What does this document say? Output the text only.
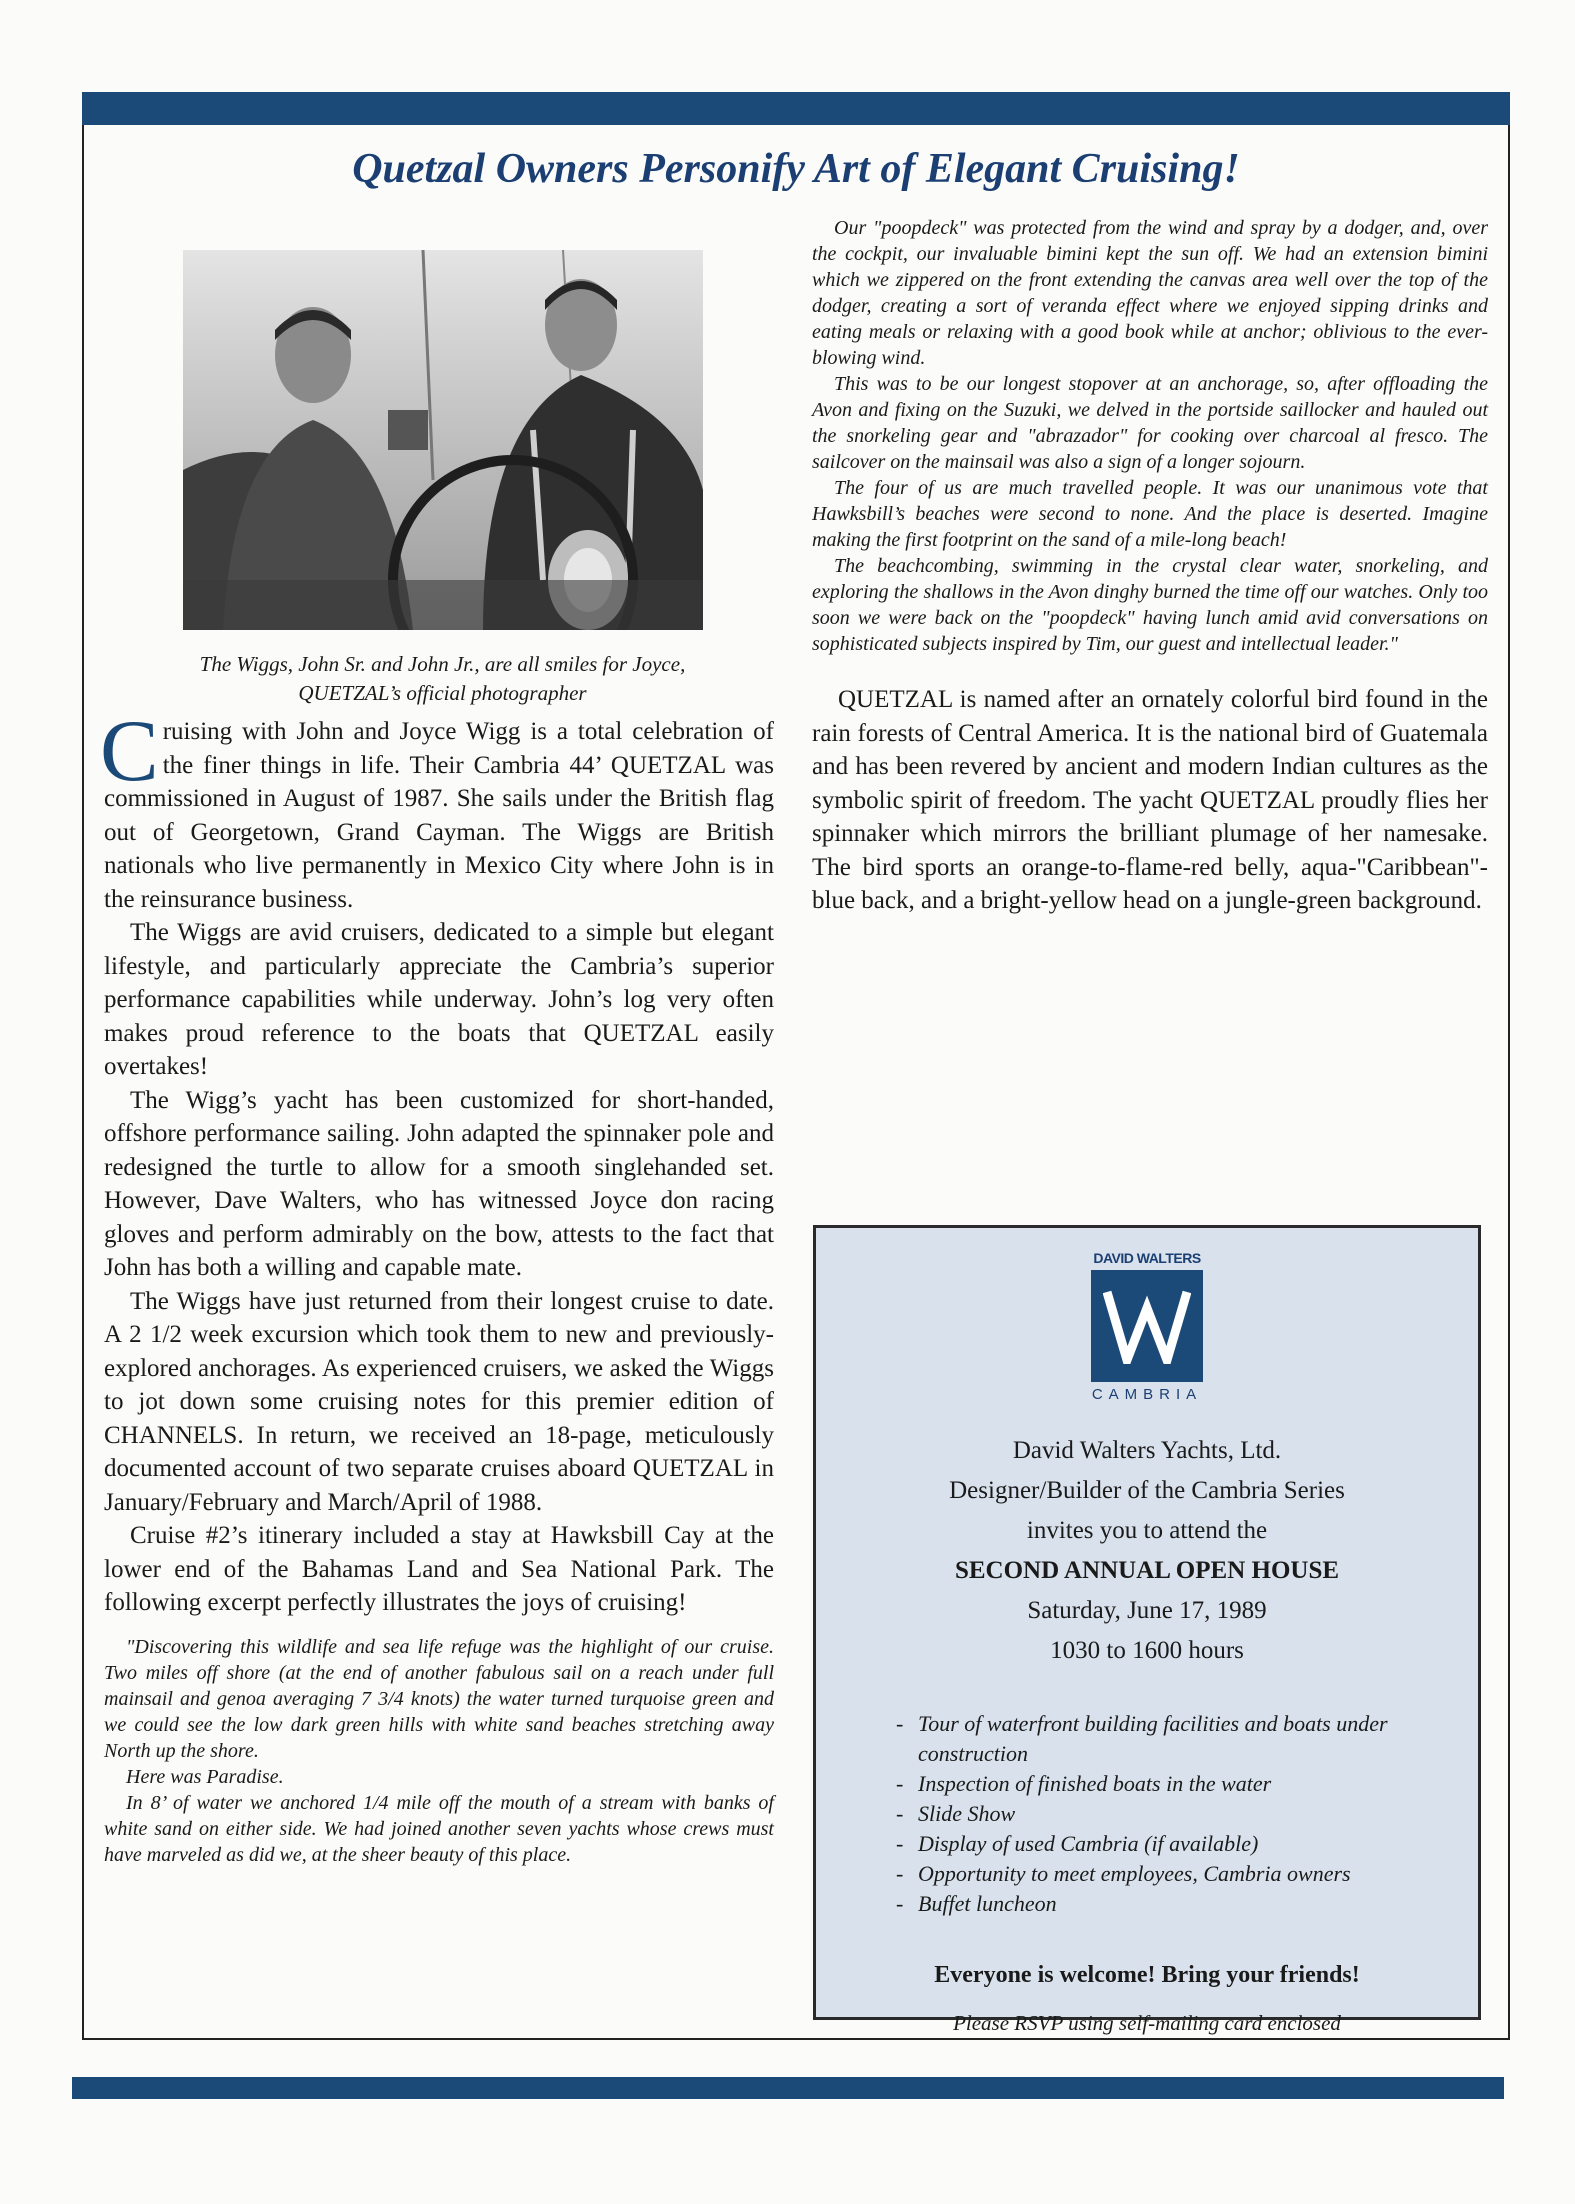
Quetzal Owners Personify Art of Elegant Cruising!

The Wiggs, John Sr. and John Jr., are all smiles for Joyce,
QUETZAL’s official photographer

Cruising with John and Joyce Wigg is a total celebration of the finer things in life. Their Cambria 44’ QUETZAL was commissioned in August of 1987. She sails under the British flag out of Georgetown, Grand Cayman. The Wiggs are British nationals who live permanently in Mexico City where John is in the reinsurance business.

The Wiggs are avid cruisers, dedicated to a simple but elegant lifestyle, and particularly appreciate the Cambria’s superior performance capabilities while underway. John’s log very often makes proud reference to the boats that QUETZAL easily overtakes!

The Wigg’s yacht has been customized for short-handed, offshore performance sailing. John adapted the spinnaker pole and redesigned the turtle to allow for a smooth singlehanded set. However, Dave Walters, who has witnessed Joyce don racing gloves and perform admirably on the bow, attests to the fact that John has both a willing and capable mate.

The Wiggs have just returned from their longest cruise to date. A 2 1/2 week excursion which took them to new and previously-explored anchorages. As experienced cruisers, we asked the Wiggs to jot down some cruising notes for this premier edition of CHANNELS. In return, we received an 18-page, meticulously documented account of two separate cruises aboard QUETZAL in January/February and March/April of 1988.

Cruise #2’s itinerary included a stay at Hawksbill Cay at the lower end of the Bahamas Land and Sea National Park. The following excerpt perfectly illustrates the joys of cruising!

"Discovering this wildlife and sea life refuge was the highlight of our cruise. Two miles off shore (at the end of another fabulous sail on a reach under full mainsail and genoa averaging 7 3/4 knots) the water turned turquoise green and we could see the low dark green hills with white sand beaches stretching away North up the shore.

Here was Paradise.

In 8’ of water we anchored 1/4 mile off the mouth of a stream with banks of white sand on either side. We had joined another seven yachts whose crews must have marveled as did we, at the sheer beauty of this place.

Our "poopdeck" was protected from the wind and spray by a dodger, and, over the cockpit, our invaluable bimini kept the sun off. We had an extension bimini which we zippered on the front extending the canvas area well over the top of the dodger, creating a sort of veranda effect where we enjoyed sipping drinks and eating meals or relaxing with a good book while at anchor; oblivious to the ever-blowing wind.

This was to be our longest stopover at an anchorage, so, after offloading the Avon and fixing on the Suzuki, we delved in the portside saillocker and hauled out the snorkeling gear and "abrazador" for cooking over charcoal al fresco. The sailcover on the mainsail was also a sign of a longer sojourn.

The four of us are much travelled people. It was our unanimous vote that Hawksbill’s beaches were second to none. And the place is deserted. Imagine making the first footprint on the sand of a mile-long beach!

The beachcombing, swimming in the crystal clear water, snorkeling, and exploring the shallows in the Avon dinghy burned the time off our watches. Only too soon we were back on the "poopdeck" having lunch amid avid conversations on sophisticated subjects inspired by Tim, our guest and intellectual leader."

QUETZAL is named after an ornately colorful bird found in the rain forests of Central America. It is the national bird of Guatemala and has been revered by ancient and modern Indian cultures as the symbolic spirit of freedom. The yacht QUETZAL proudly flies her spinnaker which mirrors the brilliant plumage of her namesake. The bird sports an orange-to-flame-red belly, aqua-"Caribbean"-blue back, and a bright-yellow head on a jungle-green background.

DAVID WALTERS
CAMBRIA

David Walters Yachts, Ltd.

Designer/Builder of the Cambria Series

invites you to attend the

SECOND ANNUAL OPEN HOUSE

Saturday, June 17, 1989

1030 to 1600 hours

- Tour of waterfront building facilities and boats under construction
- Inspection of finished boats in the water
- Slide Show
- Display of used Cambria (if available)
- Opportunity to meet employees, Cambria owners
- Buffet luncheon

Everyone is welcome! Bring your friends!

Please RSVP using self-mailing card enclosed
